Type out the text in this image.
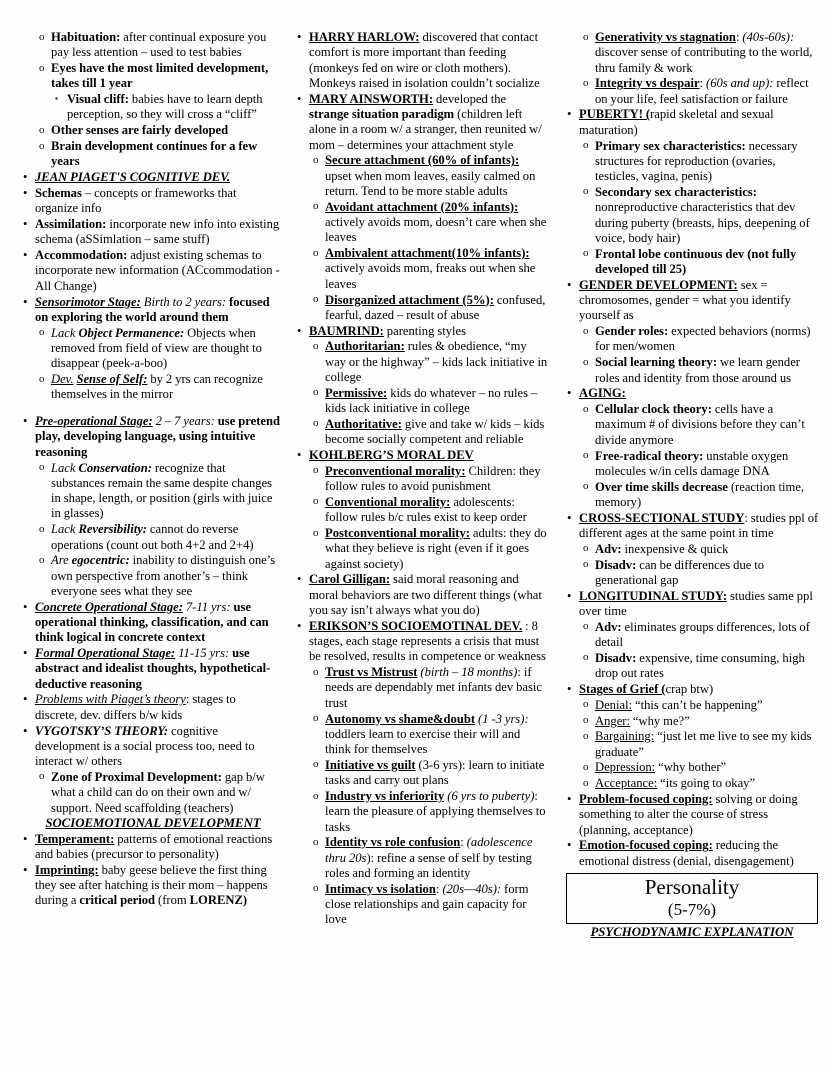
o Habituation: after continual exposure you pay less attention – used to test babies
o Eyes have the most limited development, takes till 1 year
▪ Visual cliff: babies have to learn depth perception, so they will cross a “cliff”
o Other senses are fairly developed
o Brain development continues for a few years
• JEAN PIAGET'S COGNITIVE DEV.
• Schemas – concepts or frameworks that organize info
• Assimilation: incorporate new info into existing schema (aSSimlation – same stuff)
• Accommodation: adjust existing schemas to incorporate new information (ACcommodation - All Change)
• Sensorimotor Stage: Birth to 2 years: focused on exploring the world around them
o Lack Object Permanence: Objects when removed from field of view are thought to disappear (peek-a-boo)
o Dev. Sense of Self: by 2 yrs can recognize themselves in the mirror
• Pre-operational Stage: 2 – 7 years: use pretend play, developing language, using intuitive reasoning
o Lack Conservation: recognize that substances remain the same despite changes in shape, length, or position (girls with juice in glasses)
o Lack Reversibility: cannot do reverse operations (count out both 4+2 and 2+4)
o Are egocentric: inability to distinguish one’s own perspective from another’s – think everyone sees what they see
• Concrete Operational Stage: 7-11 yrs: use operational thinking, classification, and can think logical in concrete context
• Formal Operational Stage: 11-15 yrs: use abstract and idealist thoughts, hypothetical-deductive reasoning
• Problems with Piaget’s theory: stages to discrete, dev. differs b/w kids
• VYGOTSKY’S THEORY: cognitive development is a social process too, need to interact w/ others
o Zone of Proximal Development: gap b/w what a child can do on their own and w/ support. Need scaffolding (teachers)
SOCIOEMOTIONAL DEVELOPMENT
• Temperament: patterns of emotional reactions and babies (precursor to personality)
• Imprinting: baby geese believe the first thing they see after hatching is their mom – happens during a critical period (from LORENZ)
• HARRY HARLOW: discovered that contact comfort is more important than feeding (monkeys fed on wire or cloth mothers). Monkeys raised in isolation couldn’t socialize
• MARY AINSWORTH: developed the strange situation paradigm (children left alone in a room w/ a stranger, then reunited w/ mom – determines your attachment style
o Secure attachment (60% of infants): upset when mom leaves, easily calmed on return. Tend to be more stable adults
o Avoidant attachment (20% infants): actively avoids mom, doesn’t care when she leaves
o Ambivalent attachment(10% infants): actively avoids mom, freaks out when she leaves
o Disorganized attachment (5%): confused, fearful, dazed – result of abuse
• BAUMRIND: parenting styles
o Authoritarian: rules & obedience, “my way or the highway” – kids lack initiative in college
o Permissive: kids do whatever – no rules – kids lack initiative in college
o Authoritative: give and take w/ kids – kids become socially competent and reliable
• KOHLBERG’S MORAL DEV
o Preconventional morality: Children: they follow rules to avoid punishment
o Conventional morality: adolescents: follow rules b/c rules exist to keep order
o Postconventional morality: adults: they do what they believe is right (even if it goes against society)
• Carol Gilligan: said moral reasoning and moral behaviors are two different things (what you say isn’t always what you do)
• ERIKSON’S SOCIOEMOTINAL DEV. : 8 stages, each stage represents a crisis that must be resolved, results in competence or weakness
o Trust vs Mistrust (birth – 18 months): if needs are dependably met infants dev basic trust
o Autonomy vs shame&doubt (1 -3 yrs): toddlers learn to exercise their will and think for themselves
o Initiative vs guilt (3-6 yrs): learn to initiate tasks and carry out plans
o Industry vs inferiority (6 yrs to puberty): learn the pleasure of applying themselves to tasks
o Identity vs role confusion: (adolescence thru 20s): refine a sense of self by testing roles and forming an identity
o Intimacy vs isolation: (20s—40s): form close relationships and gain capacity for love
o Generativity vs stagnation: (40s-60s): discover sense of contributing to the world, thru family & work
o Integrity vs despair: (60s and up): reflect on your life, feel satisfaction or failure
• PUBERTY! (rapid skeletal and sexual maturation)
o Primary sex characteristics: necessary structures for reproduction (ovaries, testicles, vagina, penis)
o Secondary sex characteristics: nonreproductive characteristics that dev during puberty (breasts, hips, deepening of voice, body hair)
o Frontal lobe continuous dev (not fully developed till 25)
• GENDER DEVELOPMENT: sex = chromosomes, gender = what you identify yourself as
o Gender roles: expected behaviors (norms) for men/women
o Social learning theory: we learn gender roles and identity from those around us
• AGING:
o Cellular clock theory: cells have a maximum # of divisions before they can’t divide anymore
o Free-radical theory: unstable oxygen molecules w/in cells damage DNA
o Over time skills decrease (reaction time, memory)
• CROSS-SECTIONAL STUDY: studies ppl of different ages at the same point in time
o Adv: inexpensive & quick
o Disadv: can be differences due to generational gap
• LONGITUDINAL STUDY: studies same ppl over time
o Adv: eliminates groups differences, lots of detail
o Disadv: expensive, time consuming, high drop out rates
• Stages of Grief (crap btw)
o Denial: “this can’t be happening”
o Anger: “why me?”
o Bargaining: “just let me live to see my kids graduate”
o Depression: “why bother”
o Acceptance: “its going to okay”
• Problem-focused coping: solving or doing something to alter the course of stress (planning, acceptance)
• Emotion-focused coping: reducing the emotional distress (denial, disengagement)
Personality
(5-7%)
PSYCHODYNAMIC EXPLANATION
